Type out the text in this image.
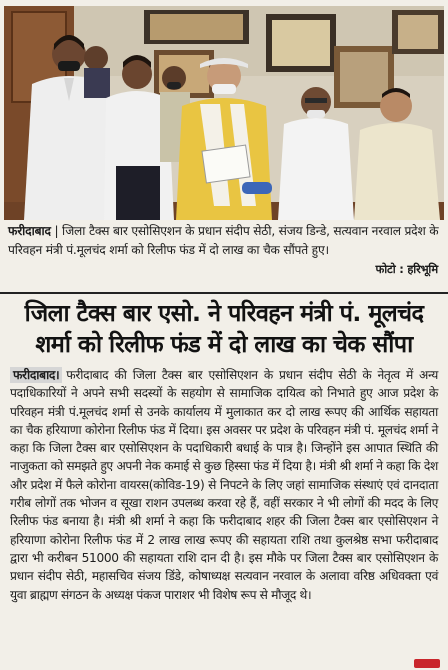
फरीदाबाद | जिला टैक्स बार एसोसिएशन के प्रधान संदीप सेठी, संजय डिन्डे, सत्यवान नरवाल प्रदेश के परिवहन मंत्री पं.मूलचंद शर्मा को रिलीफ फंड में दो लाख का चैक सौंपते हुए।
फोटो : हरिभूमि
जिला टैक्स बार एसो. ने परिवहन मंत्री पं. मूलचंद शर्मा को रिलीफ फंड में दो लाख का चेक सौंपा
फरीदाबाद। फरीदाबाद की जिला टैक्स बार एसोसिएशन के प्रधान संदीप सेठी के नेतृत्व में अन्य पदाधिकारियों ने अपने सभी सदस्यों के सहयोग से सामाजिक दायित्व को निभाते हुए आज प्रदेश के परिवहन मंत्री पं.मूलचंद शर्मा से उनके कार्यालय में मुलाकात कर दो लाख रूपए की आर्थिक सहायता का चैक हरियाणा कोरोना रिलीफ फंड में दिया। इस अवसर पर प्रदेश के परिवहन मंत्री पं. मूलचंद शर्मा ने कहा कि जिला टैक्स बार एसोसिएशन के पदाधिकारी बधाई के पात्र है। जिन्होंने इस आपात स्थिति की नाजुकता को समझते हुए अपनी नेक कमाई से कुछ हिस्सा फंड में दिया है। मंत्री श्री शर्मा ने कहा कि देश और प्रदेश में फैले कोरोना वायरस(कोविड-19) से निपटने के लिए जहां सामाजिक संस्थाएं एवं दानदाता गरीब लोगों तक भोजन व सूखा राशन उपलब्ध करवा रहे हैं, वहीं सरकार ने भी लोगों की मदद के लिए रिलीफ फंड बनाया है। मंत्री श्री शर्मा ने कहा कि फरीदाबाद शहर की जिला टैक्स बार एसोसिएशन ने हरियाणा कोरोना रिलीफ फंड में 2 लाख लाख रूपए की सहायता राशि तथा कुलश्रेष्ठ सभा फरीदाबाद द्वारा भी करीबन 51000 की सहायता राशि दान दी है। इस मौके पर जिला टैक्स बार एसोसिएशन के प्रधान संदीप सेठी, महासचिव संजय डिंडे, कोषाध्यक्ष सत्यवान नरवाल के अलावा वरिष्ठ अधिवक्ता एवं युवा ब्राह्मण संगठन के अध्यक्ष पंकज पाराशर भी विशेष रूप से मौजूद थे।
